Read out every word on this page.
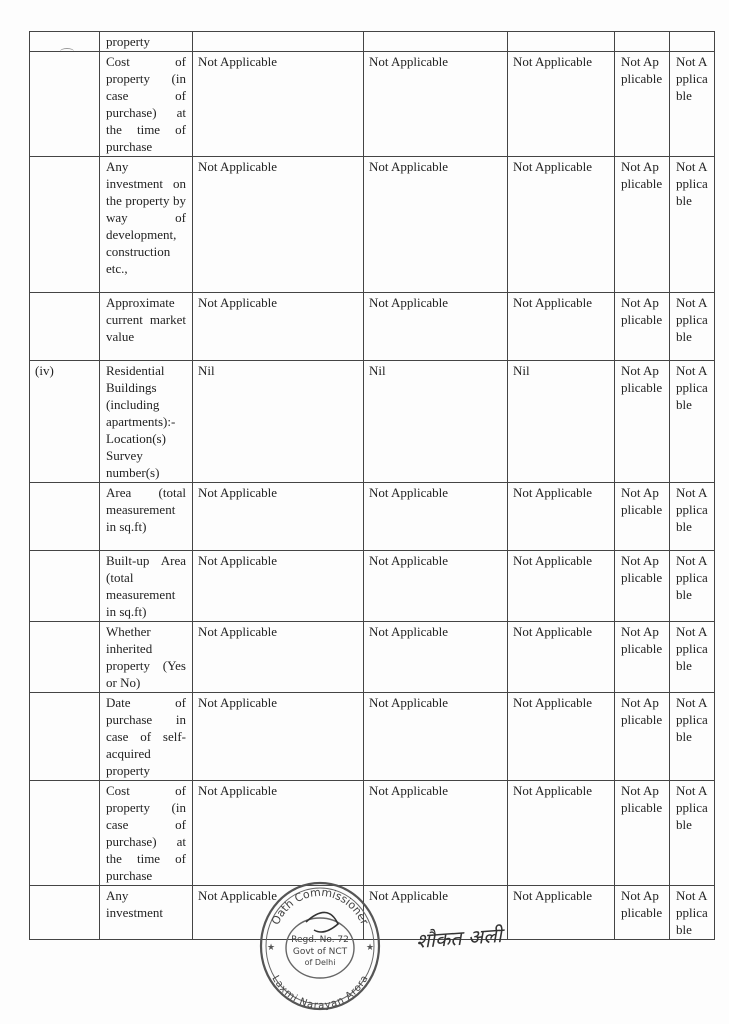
	property					
	Cost of property (in case of purchase) at the time of purchase	Not Applicable	Not Applicable	Not Applicable	Not Applicable	Not Applicable
	Any investment on the property by way of development, construction etc.,	Not Applicable	Not Applicable	Not Applicable	Not Applicable	Not Applicable
	Approximate current market value	Not Applicable	Not Applicable	Not Applicable	Not Applicable	Not Applicable
(iv)	Residential Buildings (including apartments):- Location(s) Survey number(s)	Nil	Nil	Nil	Not Applicable	Not Applicable
	Area (total measurement in sq.ft)	Not Applicable	Not Applicable	Not Applicable	Not Applicable	Not Applicable
	Built-up Area (total measurement in sq.ft)	Not Applicable	Not Applicable	Not Applicable	Not Applicable	Not Applicable
	Whether inherited property (Yes or No)	Not Applicable	Not Applicable	Not Applicable	Not Applicable	Not Applicable
	Date of purchase in case of self-acquired property	Not Applicable	Not Applicable	Not Applicable	Not Applicable	Not Applicable
	Cost of property (in case of purchase) at the time of purchase	Not Applicable	Not Applicable	Not Applicable	Not Applicable	Not Applicable
	Any investment	Not Applicable	Not Applicable	Not Applicable	Not Applicable	Not Applicable
Oath Commissioner
Laxmi Narayan Arora
Regd. No. 72
Govt of NCT
of Delhi
★	★ शौकत अली
